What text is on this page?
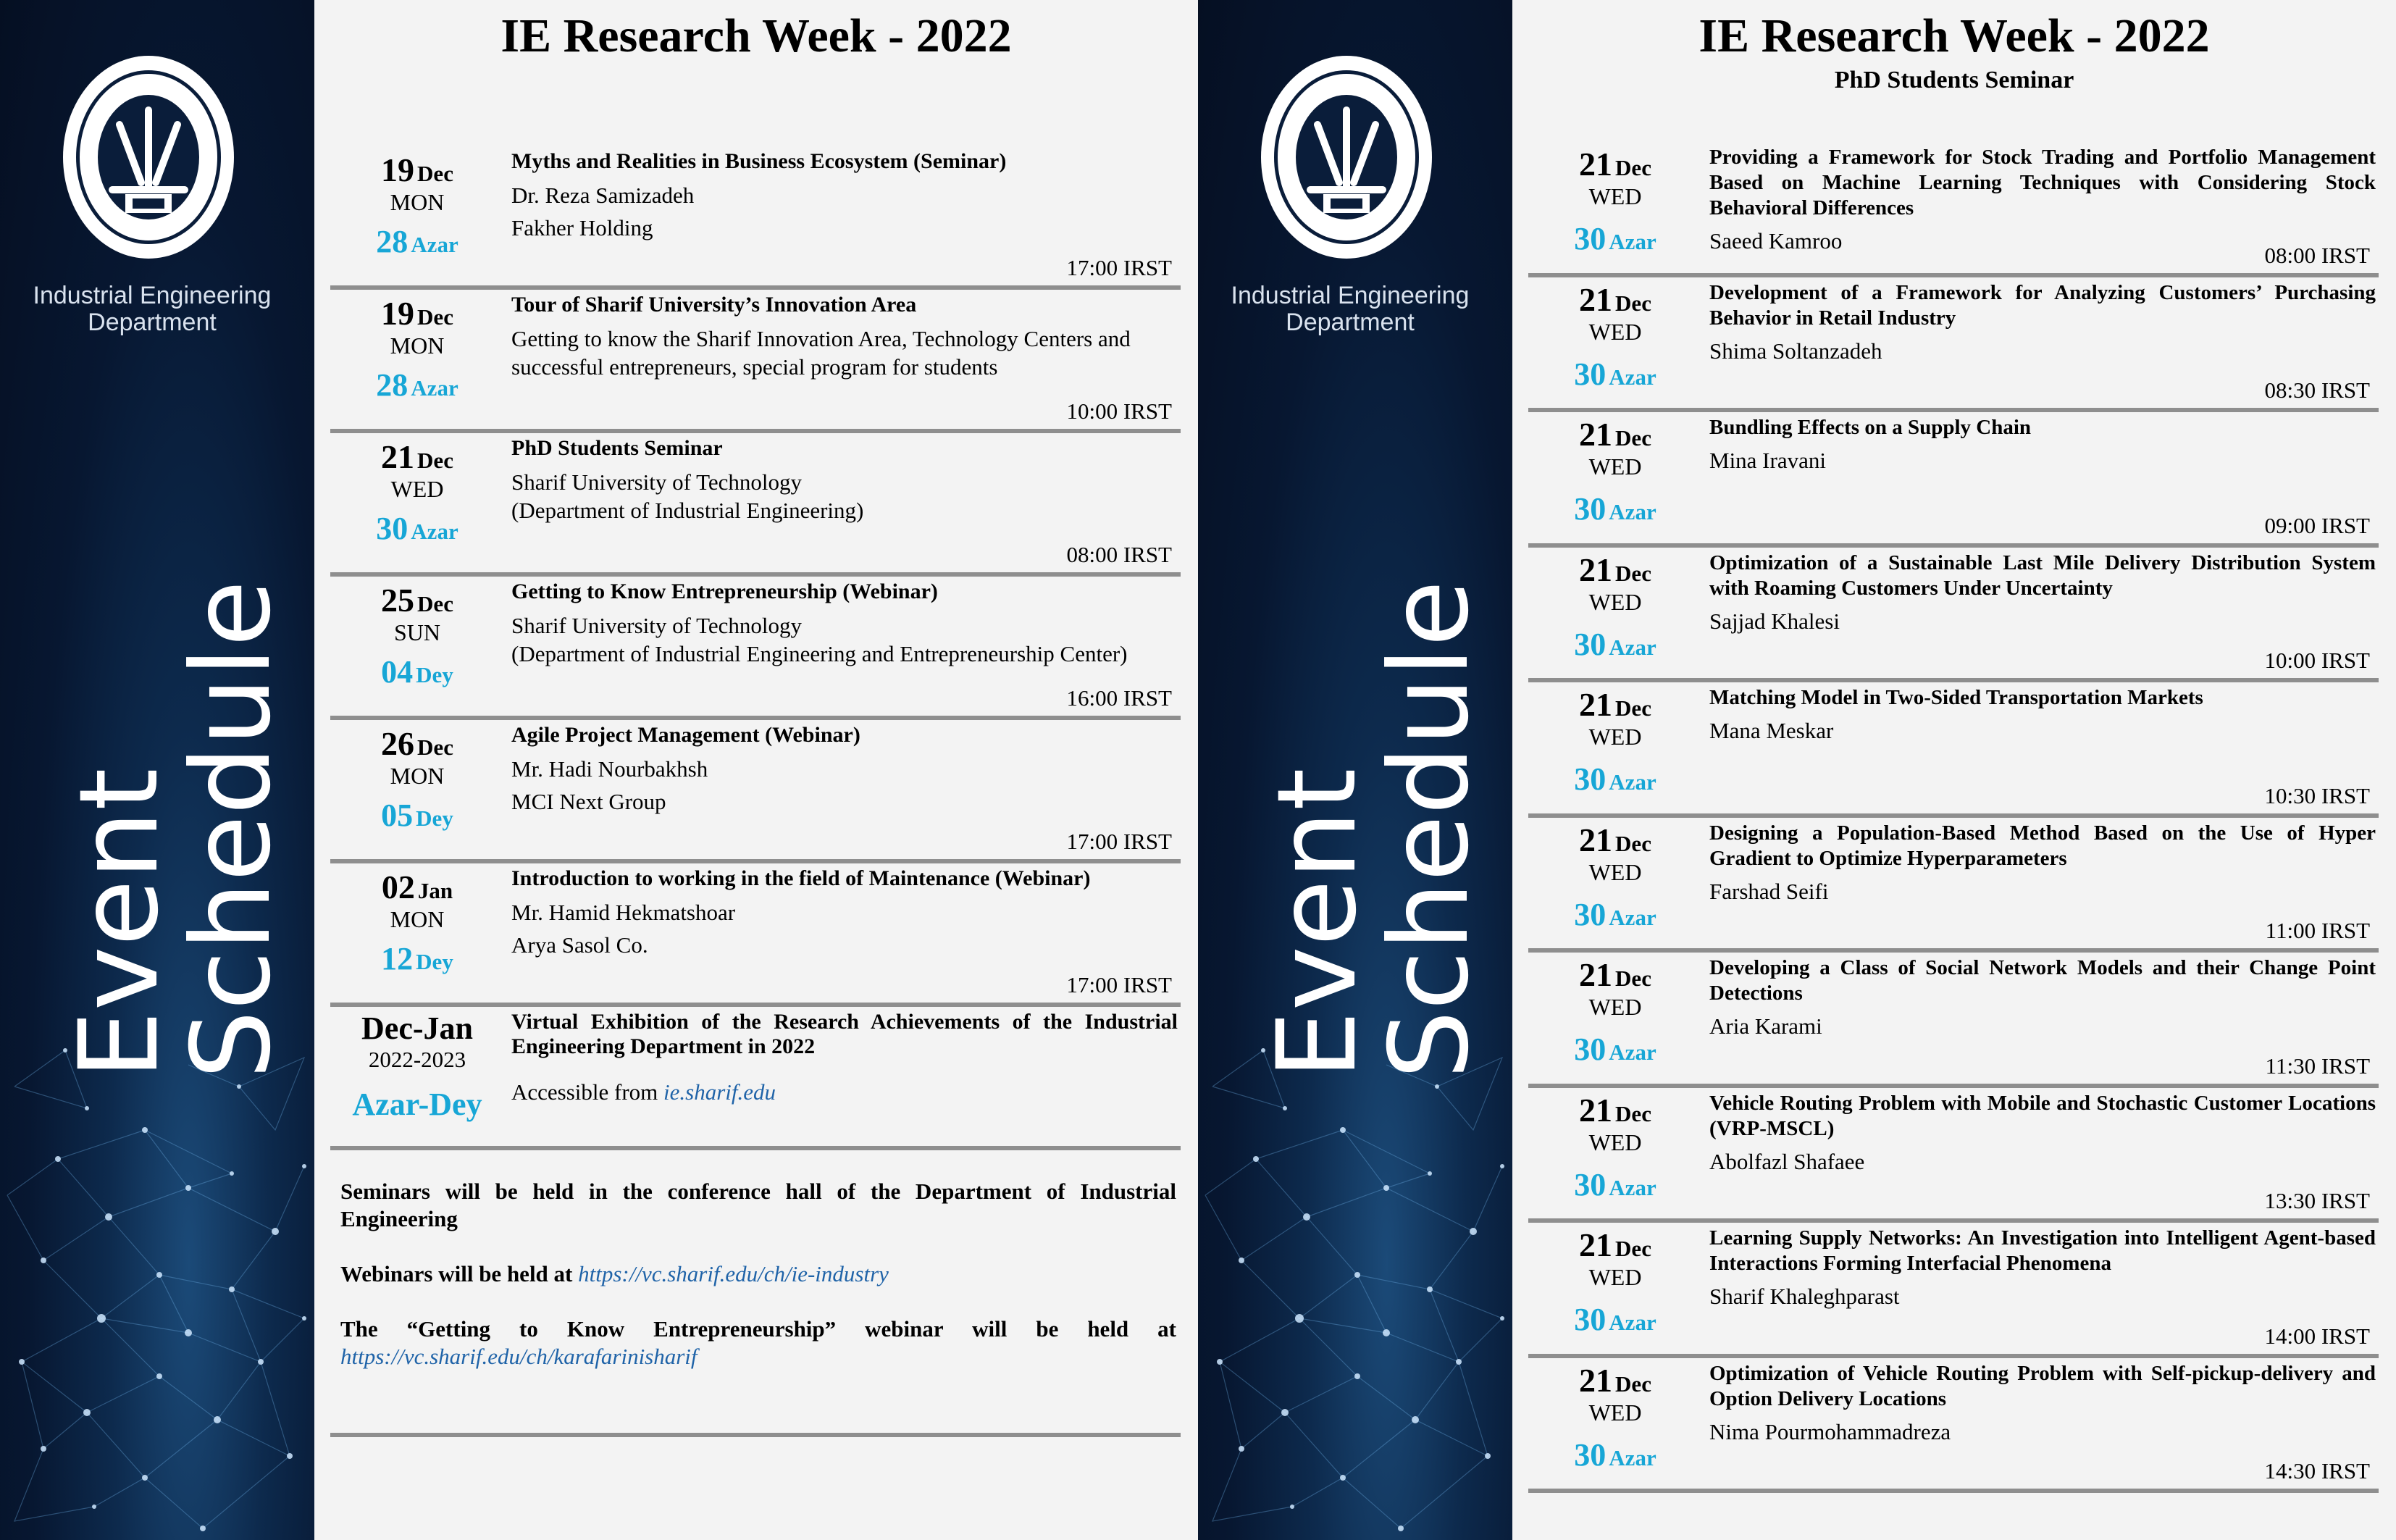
Industrial Engineering Department
Event
Schedule
IE Research Week - 2022
19 Dec
MON
28 Azar
Myths and Realities in Business Ecosystem (Seminar)
Dr. Reza Samizadeh
Fakher Holding
17:00 IRST
19 Dec
MON
28 Azar
Tour of Sharif University’s Innovation Area
Getting to know the Sharif Innovation Area, Technology Centers and successful entrepreneurs, special program for students
10:00 IRST
21 Dec
WED
30 Azar
PhD Students Seminar
Sharif University of Technology
(Department of Industrial Engineering)
08:00 IRST
25 Dec
SUN
04 Dey
Getting to Know Entrepreneurship (Webinar)
Sharif University of Technology
(Department of Industrial Engineering and Entrepreneurship Center)
16:00 IRST
26 Dec
MON
05 Dey
Agile Project Management (Webinar)
Mr. Hadi Nourbakhsh
MCI Next Group
17:00 IRST
02 Jan
MON
12 Dey
Introduction to working in the field of Maintenance (Webinar)
Mr. Hamid Hekmatshoar
Arya Sasol Co.
17:00 IRST
Dec-Jan
2022-2023
Azar-Dey
Virtual Exhibition of the Research Achievements of the Industrial Engineering Department in 2022
Accessible from ie.sharif.edu

Seminars will be held in the conference hall of the Department of Industrial Engineering

Webinars will be held at https://vc.sharif.edu/ch/ie-industry

The “Getting to Know Entrepreneurship” webinar will be held at https://vc.sharif.edu/ch/karafarinisharif

Industrial Engineering Department
Event
Schedule
IE Research Week - 2022
PhD Students Seminar
21 Dec
WED
30 Azar
Providing a Framework for Stock Trading and Portfolio Management Based on Machine Learning Techniques with Considering Stock Behavioral Differences
Saeed Kamroo
08:00 IRST
21 Dec
WED
30 Azar
Development of a Framework for Analyzing Customers’ Purchasing Behavior in Retail Industry
Shima Soltanzadeh
08:30 IRST
21 Dec
WED
30 Azar
Bundling Effects on a Supply Chain
Mina Iravani
09:00 IRST
21 Dec
WED
30 Azar
Optimization of a Sustainable Last Mile Delivery Distribution System with Roaming Customers Under Uncertainty
Sajjad Khalesi
10:00 IRST
21 Dec
WED
30 Azar
Matching Model in Two-Sided Transportation Markets
Mana Meskar
10:30 IRST
21 Dec
WED
30 Azar
Designing a Population-Based Method Based on the Use of Hyper Gradient to Optimize Hyperparameters
Farshad Seifi
11:00 IRST
21 Dec
WED
30 Azar
Developing a Class of Social Network Models and their Change Point Detections
Aria Karami
11:30 IRST
21 Dec
WED
30 Azar
Vehicle Routing Problem with Mobile and Stochastic Customer Locations (VRP-MSCL)
Abolfazl Shafaee
13:30 IRST
21 Dec
WED
30 Azar
Learning Supply Networks: An Investigation into Intelligent Agent-based Interactions Forming Interfacial Phenomena
Sharif Khaleghparast
14:00 IRST
21 Dec
WED
30 Azar
Optimization of Vehicle Routing Problem with Self-pickup-delivery and Option Delivery Locations
Nima Pourmohammadreza
14:30 IRST
